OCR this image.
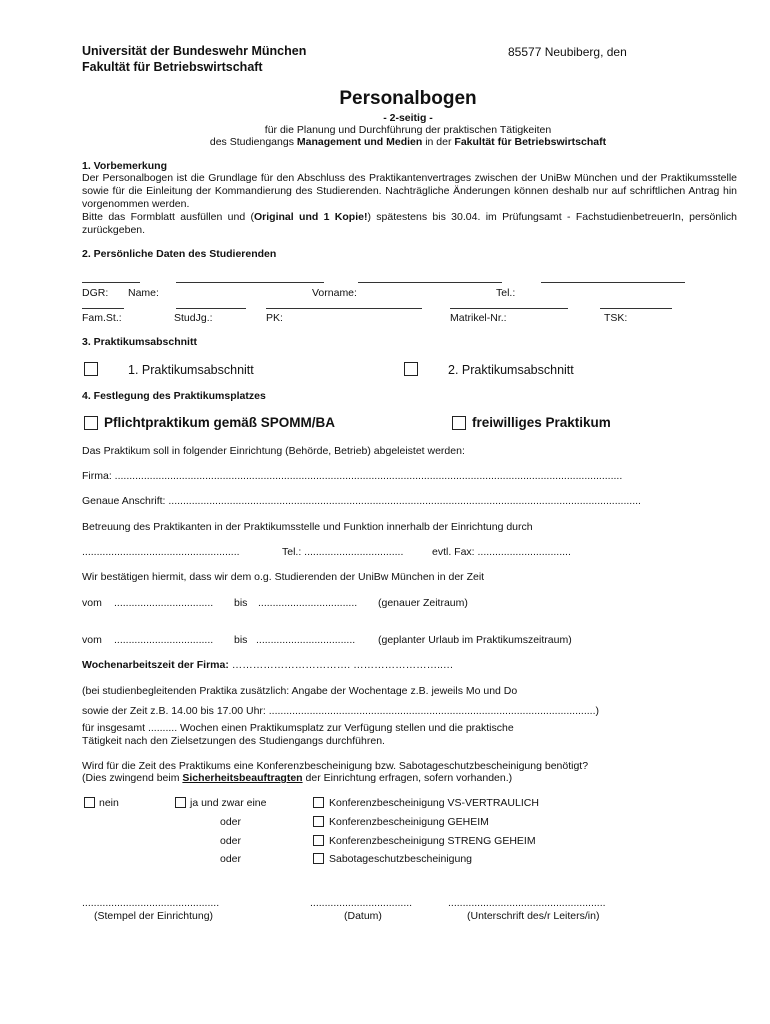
Universität der Bundeswehr München
Fakultät für Betriebswirtschaft
85577 Neubiberg, den
Personalbogen
- 2-seitig -
für die Planung und Durchführung der praktischen Tätigkeiten
des Studiengangs Management und Medien in der Fakultät für Betriebswirtschaft
1. Vorbemerkung
Der Personalbogen ist die Grundlage für den Abschluss des Praktikantenvertrages zwischen der UniBw München und der Praktikumsstelle sowie für die Einleitung der Kommandierung des Studierenden. Nachträgliche Änderungen können deshalb nur auf schriftlichen Antrag hin vorgenommen werden.
Bitte das Formblatt ausfüllen und (Original und 1 Kopie!) spätestens bis 30.04. im Prüfungsamt - FachstudienbetreuerIn, persönlich zurückgeben.
2. Persönliche Daten des Studierenden
DGR: Name:	Vorname:	Tel.:
Fam.St.:	StudJg.:	PK:	Matrikel-Nr.:	TSK:
3. Praktikumsabschnitt
1. Praktikumsabschnitt	2. Praktikumsabschnitt
4. Festlegung des Praktikumsplatzes
Pflichtpraktikum gemäß SPOMM/BA	freiwilliges Praktikum
Das Praktikum soll in folgender Einrichtung (Behörde, Betrieb) abgeleistet werden:
Firma: ..............................................................................................................................................................................
Genaue Anschrift: ..................................................................................................................................................................
Betreuung des Praktikanten in der Praktikumsstelle und Funktion innerhalb der Einrichtung durch
......................................................	Tel.: ..................................	evtl. Fax: ................................
Wir bestätigen hiermit, dass wir dem o.g. Studierenden der UniBw München in der Zeit
vom .................................. bis .................................. (genauer Zeitraum)
vom .................................. bis .................................. (geplanter Urlaub im Praktikumszeitraum)
Wochenarbeitszeit der Firma: ……………………………. ……………………..…
(bei studienbegleitenden Praktika zusätzlich: Angabe der Wochentage z.B. jeweils Mo und Do
sowie der Zeit z.B. 14.00 bis 17.00 Uhr: ................................................................................................................)
für insgesamt .......... Wochen einen Praktikumsplatz zur Verfügung stellen und die praktische
Tätigkeit nach den Zielsetzungen des Studiengangs durchführen.
Wird für die Zeit des Praktikums eine Konferenzbescheinigung bzw. Sabotageschutzbescheinigung benötigt?
(Dies zwingend beim Sicherheitsbeauftragten der Einrichtung erfragen, sofern vorhanden.)
nein	ja und zwar eine	Konferenzbescheinigung VS-VERTRAULICH
oder	Konferenzbescheinigung GEHEIM
oder	Konferenzbescheinigung STRENG GEHEIM
oder	Sabotageschutzbescheinigung
...............................................
(Stempel der Einrichtung)
...................................
(Datum)
......................................................
(Unterschrift des/r Leiters/in)
